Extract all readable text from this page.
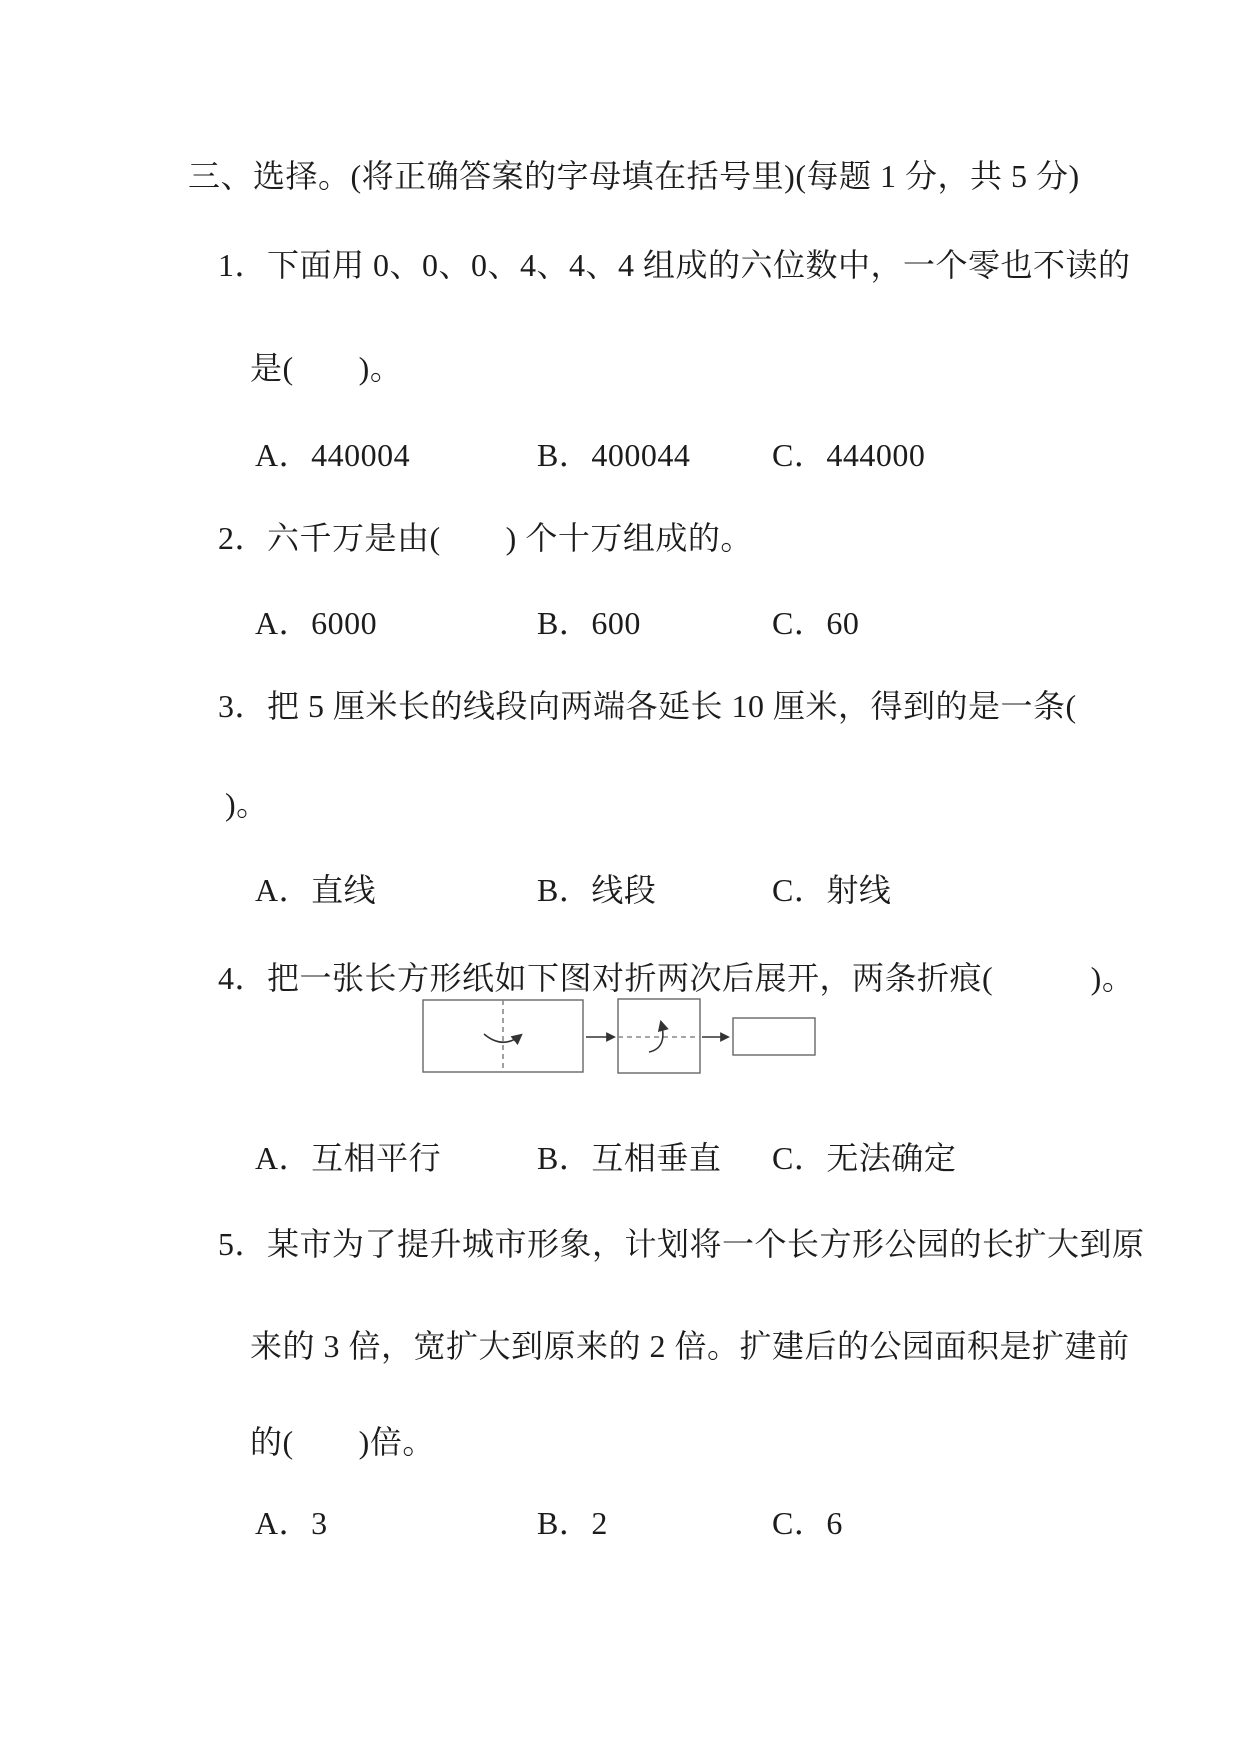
三、选择。(将正确答案的字母填在括号里)(每题 1 分，共 5 分)
1．下面用 0、0、0、4、4、4 组成的六位数中，一个零也不读的
是(　　)。
A．440004	B．400044	C．444000
2．六千万是由(　　) 个十万组成的。
A．6000	B．600	C．60
3．把 5 厘米长的线段向两端各延长 10 厘米，得到的是一条(
)。
A．直线	B．线段	C．射线
4．把一张长方形纸如下图对折两次后展开，两条折痕(　　　)。
A．互相平行	B．互相垂直 C．无法确定
5．某市为了提升城市形象，计划将一个长方形公园的长扩大到原
来的 3 倍，宽扩大到原来的 2 倍。扩建后的公园面积是扩建前
的(　　)倍。
A．3	B．2	C．6
